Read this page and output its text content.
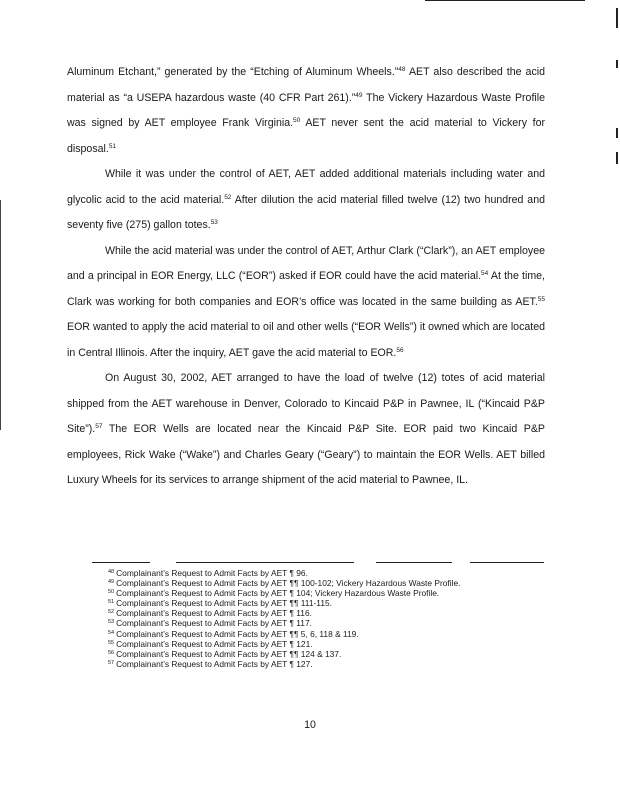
Aluminum Etchant,” generated by the “Etching of Aluminum Wheels.”$^{48}$ AET also described the acid material as “a USEPA hazardous waste (40 CFR Part 261).”$^{49}$ The Vickery Hazardous Waste Profile was signed by AET employee Frank Virginia.$^{50}$ AET never sent the acid material to Vickery for disposal.$^{51}$

While it was under the control of AET, AET added additional materials including water and glycolic acid to the acid material.$^{52}$ After dilution the acid material filled twelve (12) two hundred and seventy five (275) gallon totes.$^{53}$

While the acid material was under the control of AET, Arthur Clark (“Clark”), an AET employee and a principal in EOR Energy, LLC (“EOR”) asked if EOR could have the acid material.$^{54}$ At the time, Clark was working for both companies and EOR’s office was located in the same building as AET.$^{55}$ EOR wanted to apply the acid material to oil and other wells (“EOR Wells”) it owned which are located in Central Illinois. After the inquiry, AET gave the acid material to EOR.$^{56}$

On August 30, 2002, AET arranged to have the load of twelve (12) totes of acid material shipped from the AET warehouse in Denver, Colorado to Kincaid P&P in Pawnee, IL (“Kincaid P&P Site”).$^{57}$ The EOR Wells are located near the Kincaid P&P Site. EOR paid two Kincaid P&P employees, Rick Wake (“Wake”) and Charles Geary (“Geary”) to maintain the EOR Wells. AET billed Luxury Wheels for its services to arrange shipment of the acid material to Pawnee, IL.

$^{48}$ Complainant’s Request to Admit Facts by AET ¶ 96.

$^{49}$ Complainant’s Request to Admit Facts by AET ¶¶ 100-102; Vickery Hazardous Waste Profile.

$^{50}$ Complainant’s Request to Admit Facts by AET ¶ 104; Vickery Hazardous Waste Profile.

$^{51}$ Complainant’s Request to Admit Facts by AET ¶¶ 111-115.

$^{52}$ Complainant’s Request to Admit Facts by AET ¶ 116.

$^{53}$ Complainant’s Request to Admit Facts by AET ¶ 117.

$^{54}$ Complainant’s Request to Admit Facts by AET ¶¶ 5, 6, 118 & 119.

$^{55}$ Complainant’s Request to Admit Facts by AET ¶ 121.

$^{56}$ Complainant’s Request to Admit Facts by AET ¶¶ 124 & 137.

$^{57}$ Complainant’s Request to Admit Facts by AET ¶ 127.

10
